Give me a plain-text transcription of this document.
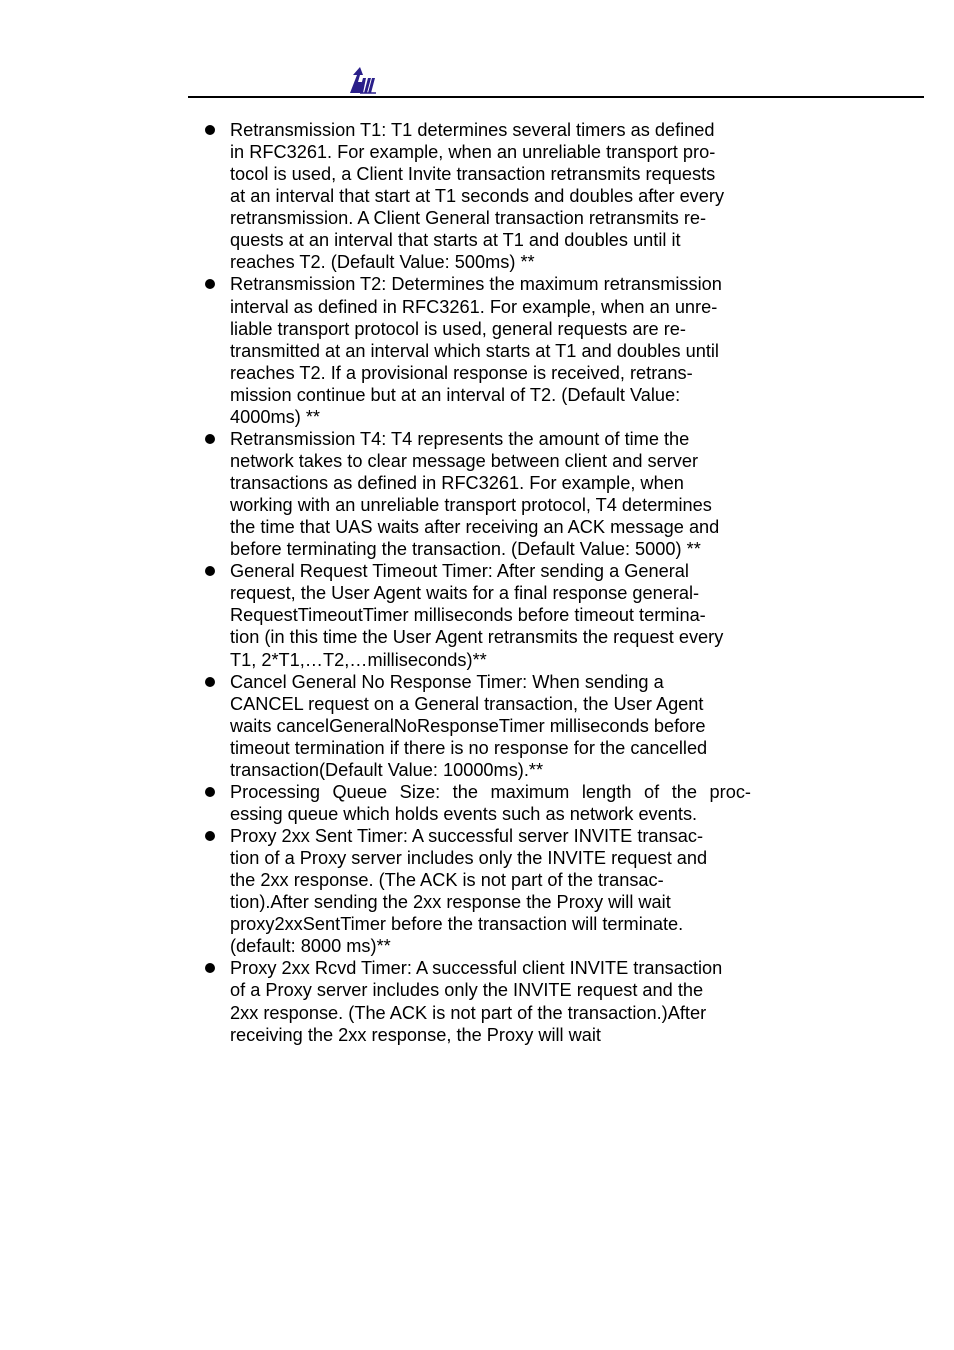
Retransmission T1: T1 determines several timers as defined
in RFC3261. For example, when an unreliable transport pro-
tocol is used, a Client Invite transaction retransmits requests
at an interval that start at T1 seconds and doubles after every
retransmission. A Client General transaction retransmits re-
quests at an interval that starts at T1 and doubles until it
reaches T2. (Default Value: 500ms) **
Retransmission T2: Determines the maximum retransmission
interval as defined in RFC3261. For example, when an unre-
liable transport protocol is used, general requests are re-
transmitted at an interval which starts at T1 and doubles until
reaches T2. If a provisional response is received, retrans-
mission continue but at an interval of T2. (Default Value:
4000ms) **
Retransmission T4: T4 represents the amount of time the
network takes to clear message between client and server
transactions as defined in RFC3261. For example, when
working with an unreliable transport protocol, T4 determines
the time that UAS waits after receiving an ACK message and
before terminating the transaction. (Default Value: 5000) **
General Request Timeout Timer: After sending a General
request, the User Agent waits for a final response general-
RequestTimeoutTimer milliseconds before timeout termina-
tion (in this time the User Agent retransmits the request every
T1, 2*T1,…T2,…milliseconds)**
Cancel General No Response Timer: When sending a
CANCEL request on a General transaction, the User Agent
waits cancelGeneralNoResponseTimer milliseconds before
timeout termination if there is no response for the cancelled
transaction(Default Value: 10000ms).**
Processing Queue Size: the maximum length of the proc-
essing queue which holds events such as network events.
Proxy 2xx Sent Timer: A successful server INVITE transac-
tion of a Proxy server includes only the INVITE request and
the 2xx response. (The ACK is not part of the transac-
tion).After sending the 2xx response the Proxy will wait
proxy2xxSentTimer before the transaction will terminate.
(default: 8000 ms)**
Proxy 2xx Rcvd Timer: A successful client INVITE transaction
of a Proxy server includes only the INVITE request and the
2xx response. (The ACK is not part of the transaction.)After
receiving the 2xx response, the Proxy will wait
